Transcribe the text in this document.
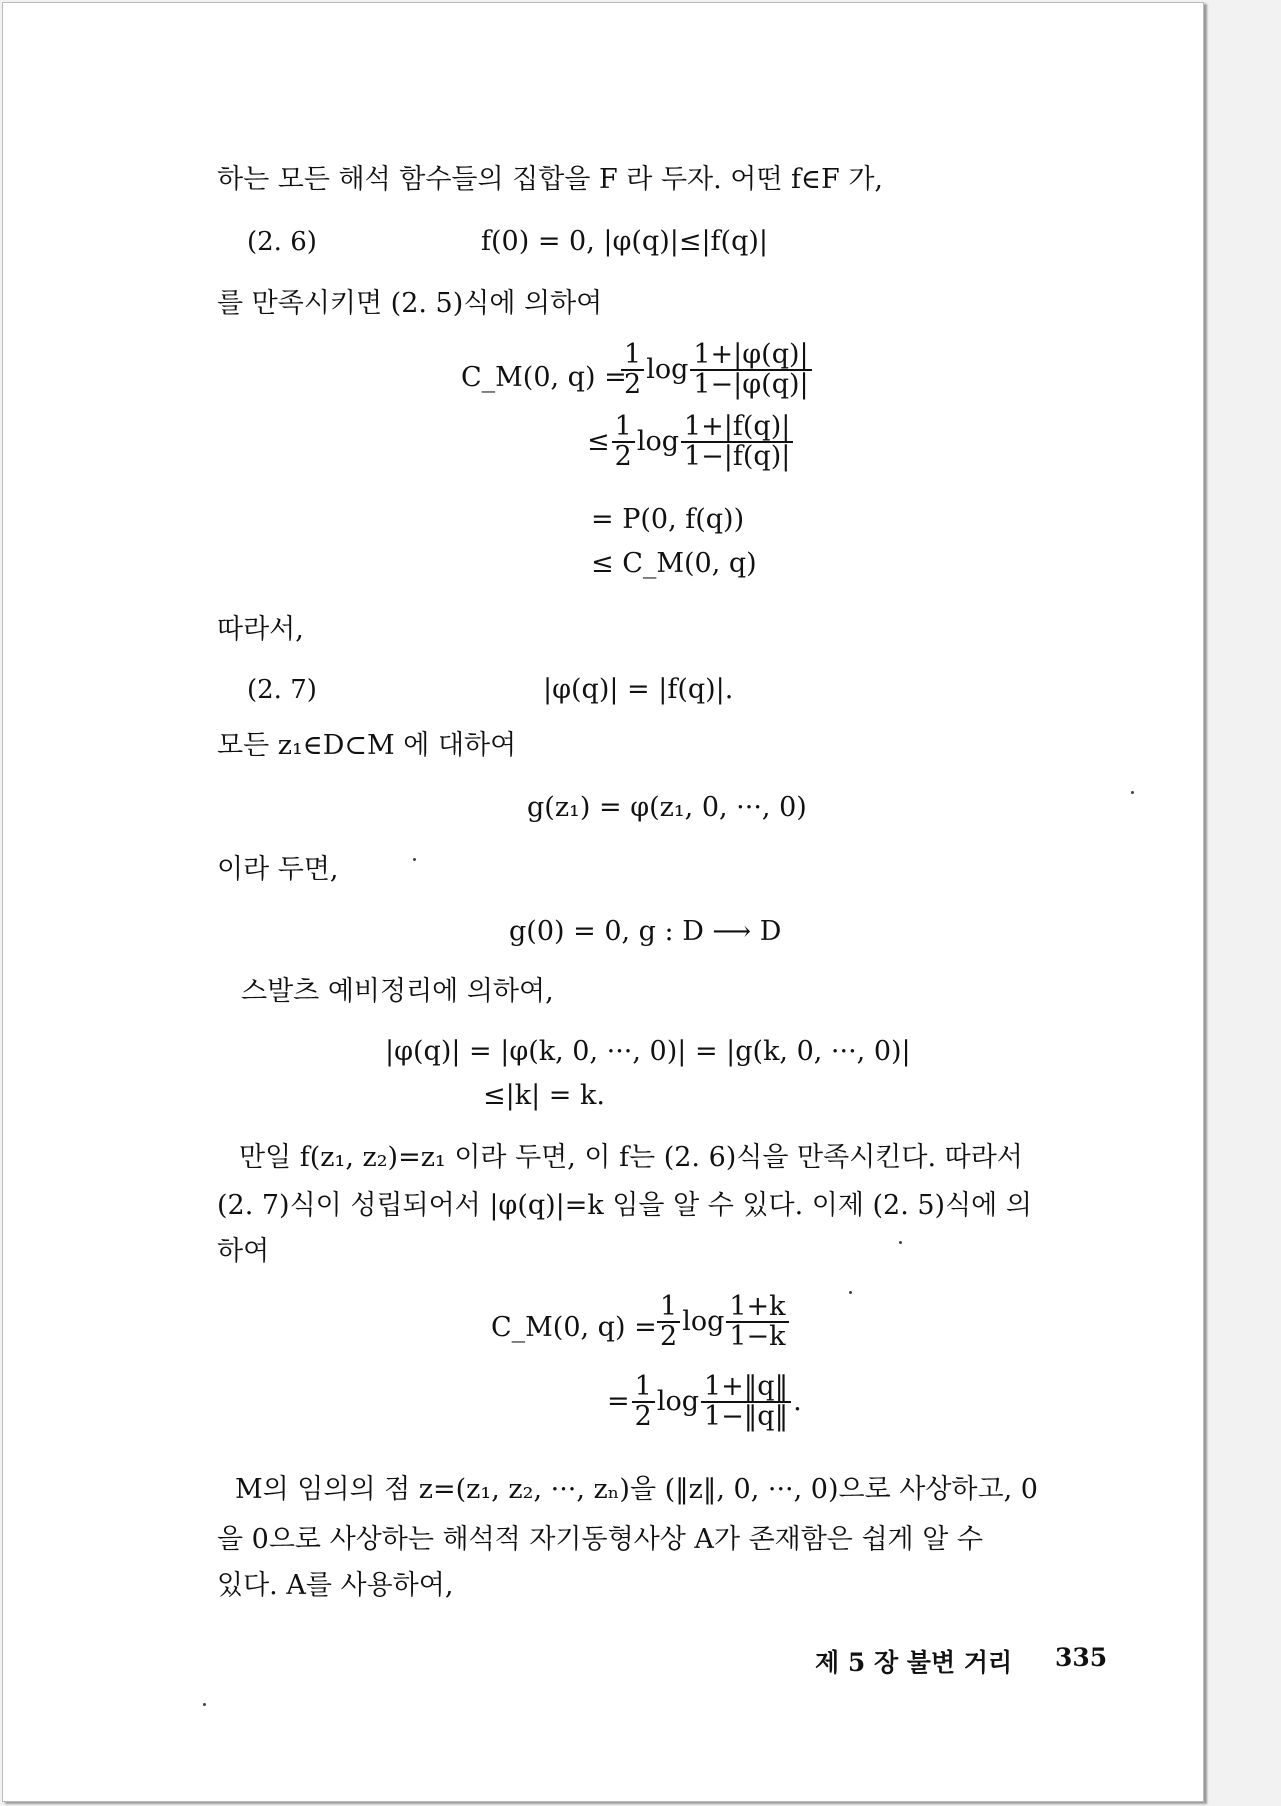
하는 모든 해석 함수들의 집합을 F 라 두자. 어떤 f∈F 가,
(2. 6)	f(0) = 0, |φ(q)|≤|f(q)|
를 만족시키면 (2. 5)식에 의하여
C_M(0, q) =
$\frac{1}{2}$ $\log \frac{1+|\varphi(q)|}{1-|\varphi(q)|}$
≤ $\frac{1}{2}$ $\log \frac{1+|f(q)|}{1-|f(q)|}$
= P(0, f(q))
≤ C_M(0, q)
따라서,
(2. 7)	|φ(q)| = |f(q)|.
모든 z₁∈D⊂M 에 대하여
g(z₁) = φ(z₁, 0, ···, 0)
이라 두면,
g(0) = 0, g : D ⟶ D
스발츠 예비정리에 의하여,
|φ(q)| = |φ(k, 0, ···, 0)| = |g(k, 0, ···, 0)|
≤|k| = k.
만일 f(z₁, z₂)=z₁ 이라 두면, 이 f는 (2. 6)식을 만족시킨다. 따라서
(2. 7)식이 성립되어서 |φ(q)|=k 임을 알 수 있다. 이제 (2. 5)식에 의
하여
C_M(0, $q) = \frac{1}{2}$ $\log \frac{1+k}{1-k}$
= $\frac{1}{2}$ $\log \frac{1+‖q‖}{1-‖q‖}$ .
M의 임의의 점 z=(z₁, z₂, ···, zₙ)을 (‖z‖, 0, ···, 0)으로 사상하고, 0
을 0으로 사상하는 해석적 자기동형사상 A가 존재함은 쉽게 알 수
있다. A를 사용하여,
제 5 장 불변 거리 335
